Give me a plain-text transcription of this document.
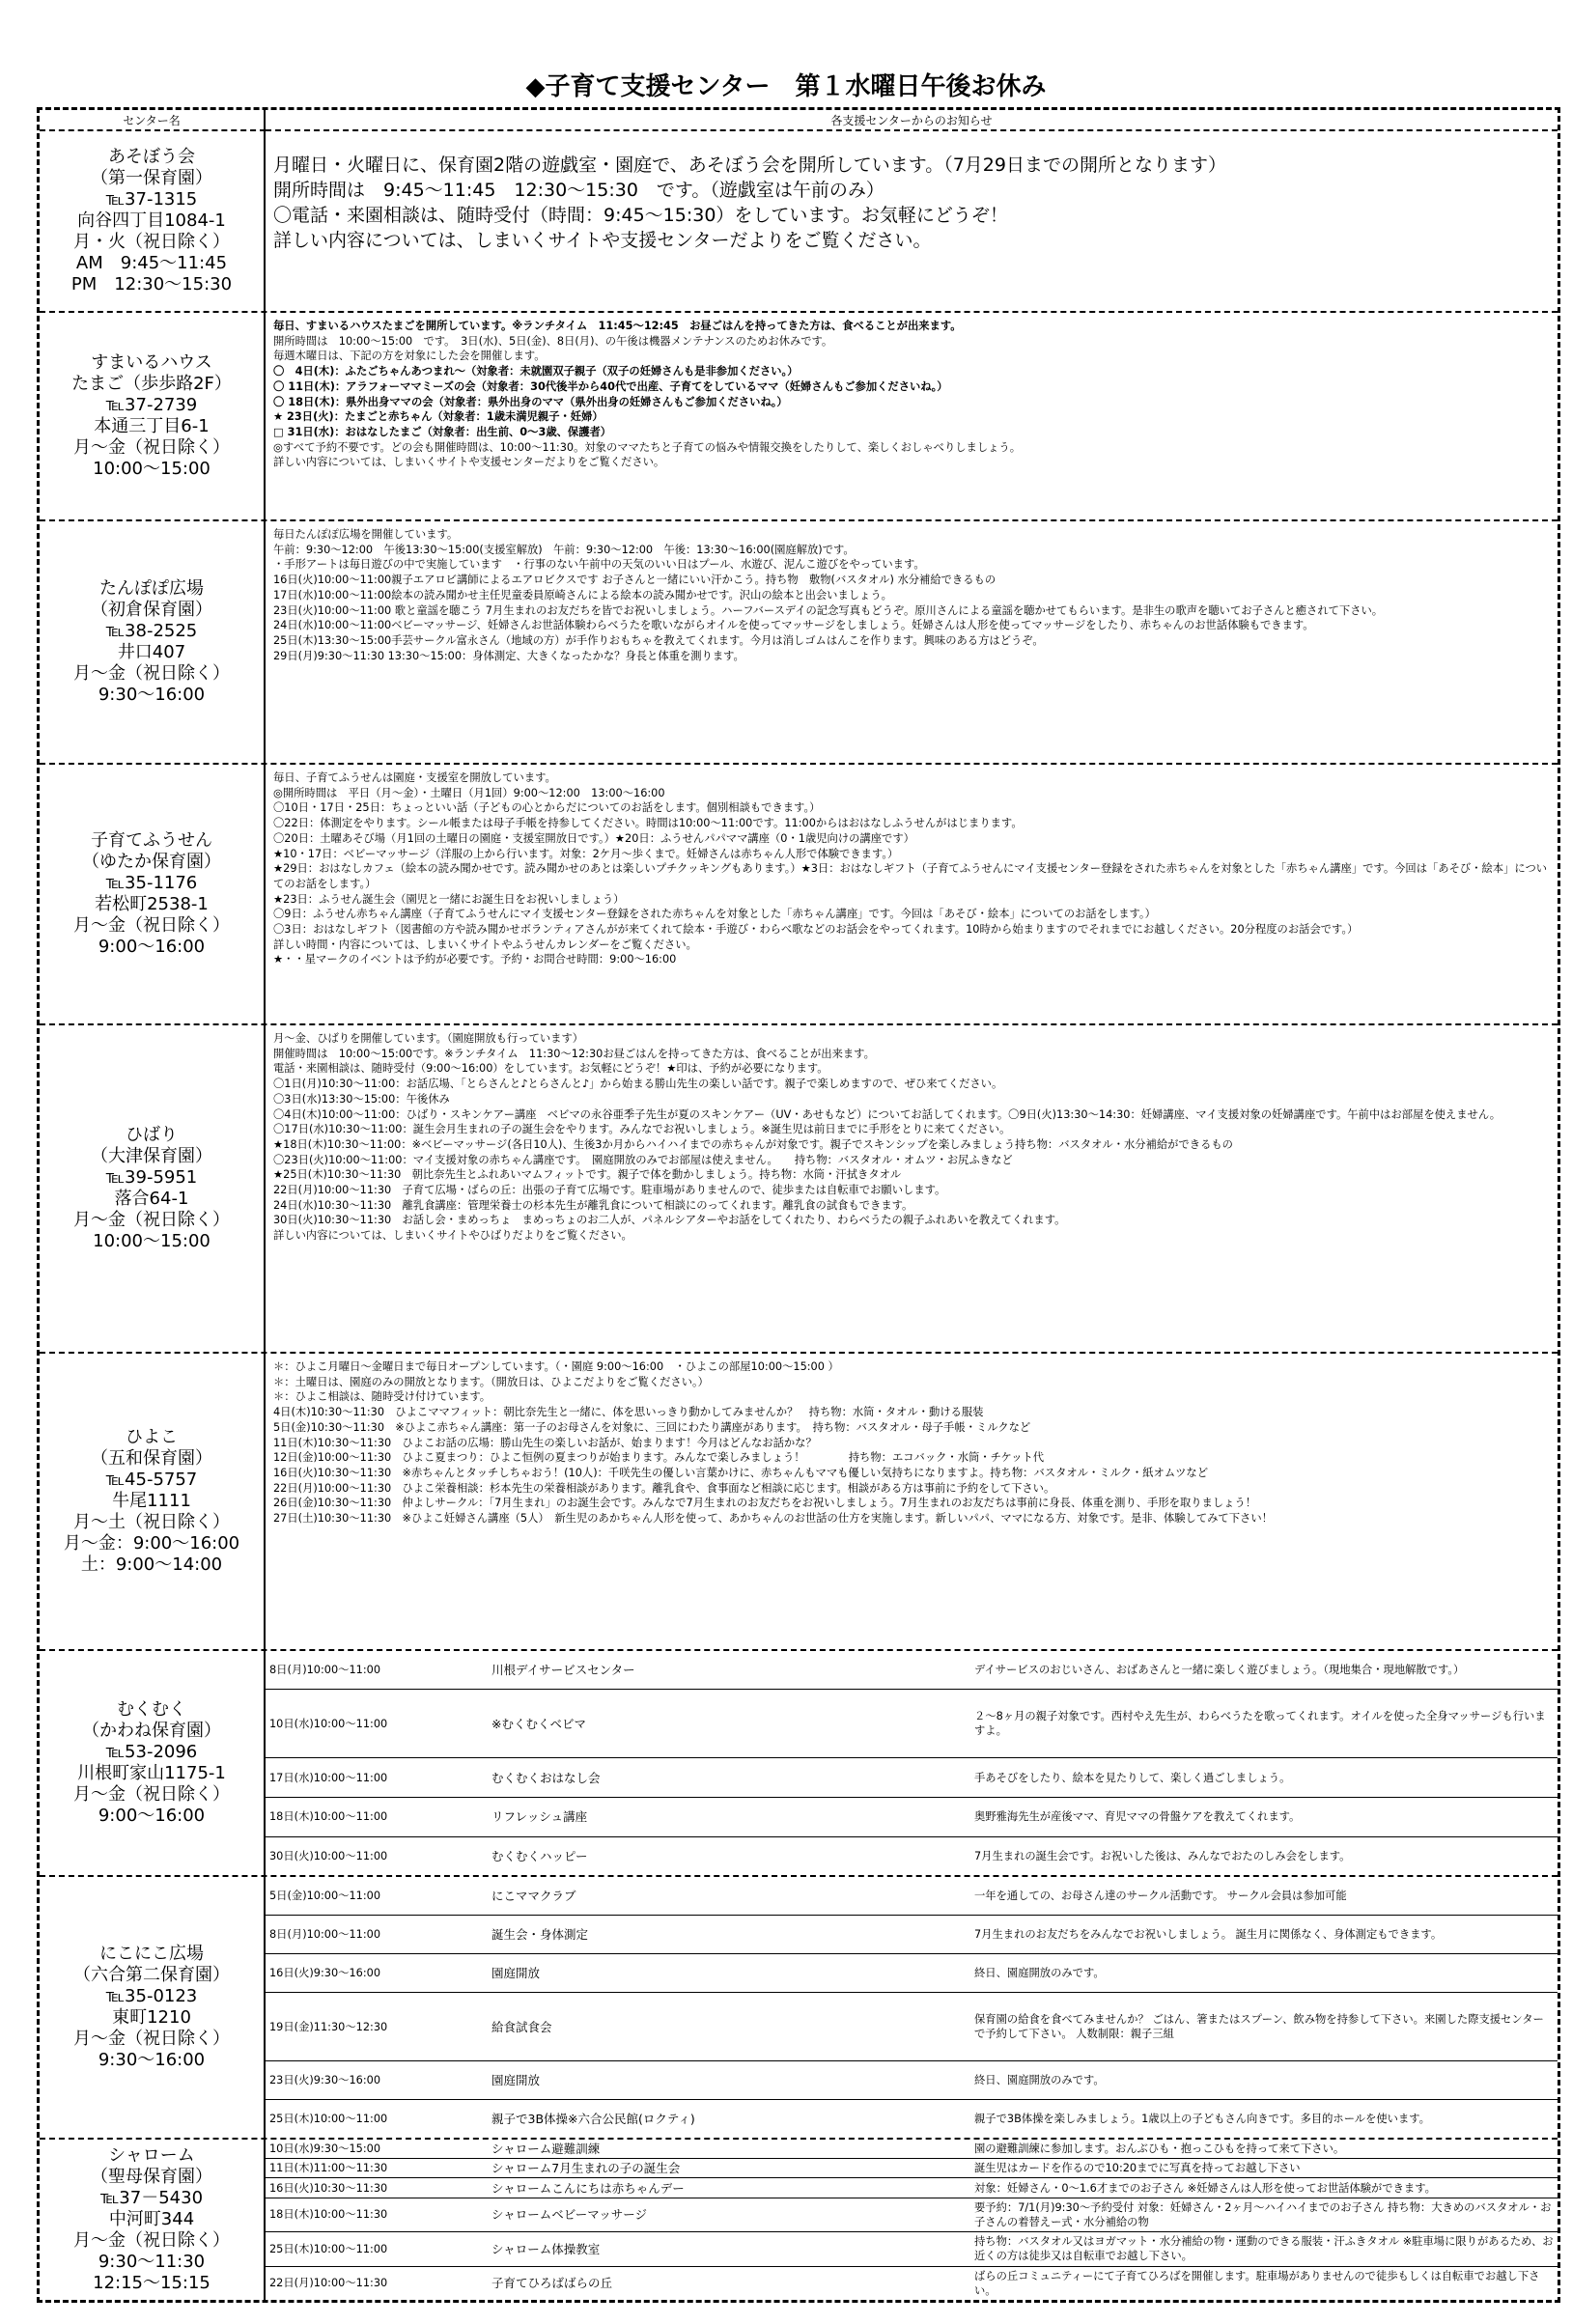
◆子育て支援センター　第１水曜日午後お休み
センター名	各支援センターからのお知らせ
あそぼう会
（第一保育園）
℡37-1315
向谷四丁目1084-1
月・火（祝日除く）
AM　9:45～11:45
PM　12:30～15:30
月曜日・火曜日に、保育園2階の遊戯室・園庭で、あそぼう会を開所しています。（7月29日までの開所となります）
開所時間は　9:45～11:45　12:30～15:30　です。（遊戯室は午前のみ）
〇電話・来園相談は、随時受付（時間：9:45～15:30）をしています。お気軽にどうぞ！
詳しい内容については、しまいくサイトや支援センターだよりをご覧ください。
すまいるハウス
たまご（歩歩路2F）
℡37-2739
本通三丁目6-1
月～金（祝日除く）
10:00～15:00
毎日、すまいるハウスたまごを開所しています。※ランチタイム　11:45～12:45　お昼ごはんを持ってきた方は、食べることが出来ます。
開所時間は　10:00～15:00　です。　3日(水)、5日(金)、8日(月)、の午後は機器メンテナンスのためお休みです。
毎週木曜日は、下記の方を対象にした会を開催します。
〇　4日(木)：ふたごちゃんあつまれ～（対象者：未就園双子親子（双子の妊婦さんも是非参加ください。）
〇 11日(木)：アラフォーママミーズの会（対象者：30代後半から40代で出産、子育てをしているママ（妊婦さんもご参加くださいね。）
〇 18日(木)：県外出身ママの会（対象者：県外出身のママ（県外出身の妊婦さんもご参加くださいね。）
★ 23日(火)：たまごと赤ちゃん（対象者：1歳未満児親子・妊婦）
□ 31日(水)：おはなしたまご（対象者：出生前、0～3歳、保護者）
◎すべて予約不要です。どの会も開催時間は、10:00～11:30。対象のママたちと子育ての悩みや情報交換をしたりして、楽しくおしゃべりしましょう。
詳しい内容については、しまいくサイトや支援センターだよりをご覧ください。
たんぽぽ広場
（初倉保育園）
℡38-2525
井口407
月～金（祝日除く）
9:30～16:00
毎日たんぽぽ広場を開催しています。
午前：9:30～12:00　午後13:30～15:00(支援室解放)　午前：9:30～12:00　午後：13:30～16:00(園庭解放)です。
・手形アートは毎日遊びの中で実施しています　・行事のない午前中の天気のいい日はプール、水遊び、泥んこ遊びをやっています。
16日(火)10:00～11:00親子エアロビ講師によるエアロビクスです お子さんと一緒にいい汗かこう。持ち物　敷物(バスタオル) 水分補給できるもの
17日(水)10:00～11:00絵本の読み聞かせ主任児童委員原崎さんによる絵本の読み聞かせです。沢山の絵本と出会いましょう。
23日(火)10:00～11:00 歌と童謡を聴こう 7月生まれのお友だちを皆でお祝いしましょう。ハーフバースデイの記念写真もどうぞ。原川さんによる童謡を聴かせてもらいます。是非生の歌声を聴いてお子さんと癒されて下さい。
24日(水)10:00～11:00ベビーマッサージ、妊婦さんお世話体験わらべうたを歌いながらオイルを使ってマッサージをしましょう。妊婦さんは人形を使ってマッサージをしたり、赤ちゃんのお世話体験もできます。
25日(木)13:30～15:00手芸サークル富永さん（地域の方）が手作りおもちゃを教えてくれます。今月は消しゴムはんこを作ります。興味のある方はどうぞ。
29日(月)9:30～11:30 13:30～15:00：身体測定、大きくなったかな？身長と体重を測ります。
子育てふうせん
（ゆたか保育園）
℡35-1176
若松町2538-1
月～金（祝日除く）
9:00～16:00
毎日、子育てふうせんは園庭・支援室を開放しています。
◎開所時間は　平日（月～金）・土曜日（月1回）9:00～12:00　13:00～16:00
〇10日・17日・25日：ちょっといい話（子どもの心とからだについてのお話をします。個別相談もできます。）
〇22日：体測定をやります。シール帳または母子手帳を持参してください。時間は10:00～11:00です。11:00からはおはなしふうせんがはじまります。
〇20日：土曜あそび場（月1回の土曜日の園庭・支援室開放日です。）★20日：ふうせんパパママ講座（0・1歳児向けの講座です）
★10・17日：ベビーマッサージ（洋服の上から行います。対象：2ケ月～歩くまで。妊婦さんは赤ちゃん人形で体験できます。）
★29日：おはなしカフェ（絵本の読み聞かせです。読み聞かせのあとは楽しいプチクッキングもあります。）★3日：おはなしギフト（子育てふうせんにマイ支援センター登録をされた赤ちゃんを対象とした「赤ちゃん講座」です。今回は「あそび・絵本」についてのお話をします。）
★23日：ふうせん誕生会（園児と一緒にお誕生日をお祝いしましょう）
〇9日：ふうせん赤ちゃん講座（子育てふうせんにマイ支援センター登録をされた赤ちゃんを対象とした「赤ちゃん講座」です。今回は「あそび・絵本」についてのお話をします。）
〇3日：おはなしギフト（図書館の方や読み聞かせボランティアさんがが来てくれて絵本・手遊び・わらべ歌などのお話会をやってくれます。10時から始まりますのでそれまでにお越しください。20分程度のお話会です。）
詳しい時間・内容については、しまいくサイトやふうせんカレンダーをご覧ください。
★・・星マークのイベントは予約が必要です。予約・お問合せ時間：9:00～16:00
ひばり
（大津保育園）
℡39-5951
落合64-1
月～金（祝日除く）
10:00～15:00
月～金、ひばりを開催しています。（園庭開放も行っています）
開催時間は　10:00～15:00です。※ランチタイム　11:30～12:30お昼ごはんを持ってきた方は、食べることが出来ます。
電話・来園相談は、随時受付（9:00～16:00）をしています。お気軽にどうぞ！★印は、予約が必要になります。
〇1日(月)10:30～11:00：お話広場、「とらさんと♪とらさんと♪」から始まる勝山先生の楽しい話です。親子で楽しめますので、ぜひ来てください。
〇3日(水)13:30～15:00：午後休み
〇4日(木)10:00～11:00：ひばり・スキンケアー講座　ベビマの永谷亜季子先生が夏のスキンケアー（UV・あせもなど）についてお話してくれます。〇9日(火)13:30～14:30：妊婦講座、マイ支援対象の妊婦講座です。午前中はお部屋を使えません。
〇17日(水)10:30～11:00：誕生会月生まれの子の誕生会をやります。みんなでお祝いしましょう。※誕生児は前日までに手形をとりに来てください。
★18日(木)10:30～11:00：※ベビーマッサージ(各日10人)、生後3か月からハイハイまでの赤ちゃんが対象です。親子でスキンシップを楽しみましょう持ち物：バスタオル・水分補給ができるもの
〇23日(火)10:00～11:00：マイ支援対象の赤ちゃん講座です。　園庭開放のみでお部屋は使えません。　　持ち物：バスタオル・オムツ・お尻ふきなど
★25日(木)10:30～11:30　朝比奈先生とふれあいマムフィットです。親子で体を動かしましょう。持ち物：水筒・汗拭きタオル
22日(月)10:00～11:30　子育て広場・ばらの丘：出張の子育て広場です。駐車場がありませんので、徒歩または自転車でお願いします。
24日(水)10:30～11:30　離乳食講座：管理栄養士の杉本先生が離乳食について相談にのってくれます。離乳食の試食もできます。
30日(火)10:30～11:30　お話し会・まめっちょ　まめっちょのお二人が、パネルシアターやお話をしてくれたり、わらべうたの親子ふれあいを教えてくれます。
詳しい内容については、しまいくサイトやひばりだよりをご覧ください。
ひよこ
（五和保育園）
℡45-5757
牛尾1111
月～土（祝日除く）
月～金：9:00～16:00
土：9:00～14:00
＊：ひよこ月曜日～金曜日まで毎日オープンしています。（・園庭 9:00～16:00　・ひよこの部屋10:00～15:00 ）
＊：土曜日は、園庭のみの開放となります。（開放日は、ひよこだよりをご覧ください。）
＊：ひよこ相談は、随時受け付けています。
4日(木)10:30～11:30　ひよこママフィット：朝比奈先生と一緒に、体を思いっきり動かしてみませんか？　持ち物：水筒・タオル・動ける服装
5日(金)10:30～11:30　※ひよこ赤ちゃん講座：第一子のお母さんを対象に、三回にわたり講座があります。　持ち物：バスタオル・母子手帳・ミルクなど
11日(木)10:30～11:30　ひよこお話の広場：勝山先生の楽しいお話が、始まります！今月はどんなお話かな？
12日(金)10:00～11:30　ひよこ夏まつり：ひよこ恒例の夏まつりが始まります。みんなで楽しみましょう！　　　　持ち物：エコバック・水筒・チケット代
16日(火)10:30～11:30　※赤ちゃんとタッチしちゃおう！(10人)：千咲先生の優しい言葉かけに、赤ちゃんもママも優しい気持ちになりますよ。持ち物：バスタオル・ミルク・紙オムツなど
22日(月)10:00～11:30　ひよこ栄養相談：杉本先生の栄養相談があります。離乳食や、食事面など相談に応じます。相談がある方は事前に予約をして下さい。
26日(金)10:30～11:30　仲よしサークル：「7月生まれ」のお誕生会です。みんなで7月生まれのお友だちをお祝いしましょう。7月生まれのお友だちは事前に身長、体重を測り、手形を取りましょう！
27日(土)10:30～11:30　※ひよこ妊婦さん講座（5人）　新生児のあかちゃん人形を使って、あかちゃんのお世話の仕方を実施します。新しいパパ、ママになる方、対象です。是非、体験してみて下さい！
むくむく
（かわね保育園）
℡53-2096
川根町家山1175-1
月～金（祝日除く）
9:00～16:00
8日(月)10:00～11:00	川根デイサービスセンター	デイサービスのおじいさん、おばあさんと一緒に楽しく遊びましょう。（現地集合・現地解散です。）
10日(水)10:00～11:00	※むくむくベビマ	２～8ヶ月の親子対象です。西村やえ先生が、わらべうたを歌ってくれます。オイルを使った全身マッサージも行いますよ。
17日(水)10:00～11:00	むくむくおはなし会	手あそびをしたり、絵本を見たりして、楽しく過ごしましょう。
18日(木)10:00～11:00	リフレッシュ講座	奥野雅海先生が産後ママ、育児ママの骨盤ケアを教えてくれます。
30日(火)10:00～11:00	むくむくハッピー	7月生まれの誕生会です。お祝いした後は、みんなでおたのしみ会をします。
にこにこ広場
（六合第二保育園）
℡35-0123
東町1210
月～金（祝日除く）
9:30～16:00
5日(金)10:00～11:00	にこママクラブ	一年を通しての、お母さん達のサークル活動です。 サークル会員は参加可能
8日(月)10:00～11:00	誕生会・身体測定	7月生まれのお友だちをみんなでお祝いしましょう。 誕生月に関係なく、身体測定もできます。
16日(火)9:30～16:00	園庭開放	終日、園庭開放のみです。
19日(金)11:30～12:30	給食試食会	保育園の給食を食べてみませんか？ ごはん、箸またはスプーン、飲み物を持参して下さい。来園した際支援センターで予約して下さい。 人数制限：親子三組
23日(火)9:30～16:00	園庭開放	終日、園庭開放のみです。
25日(木)10:00～11:00	親子で3B体操※六合公民館(ロクティ)	親子で3B体操を楽しみましょう。1歳以上の子どもさん向きです。多目的ホールを使います。
シャローム
（聖母保育園）
℡37－5430
中河町344
月～金（祝日除く）
9:30～11:30
12:15～15:15
10日(水)9:30～15:00	シャローム避難訓練	園の避難訓練に参加します。おんぶひも・抱っこひもを持って来て下さい。
11日(木)11:00～11:30	シャローム7月生まれの子の誕生会	誕生児はカードを作るので10:20までに写真を持ってお越し下さい
16日(火)10:30～11:30	シャロームこんにちは赤ちゃんデー	対象：妊婦さん・0～1.6才までのお子さん ※妊婦さんは人形を使ってお世話体験ができます。
18日(木)10:00～11:30	シャロームベビーマッサージ	要予約：7/1(月)9:30～予約受付 対象：妊婦さん・2ヶ月～ハイハイまでのお子さん 持ち物：大きめのバスタオル・お子さんの着替えー式・水分補給の物
25日(木)10:00～11:00	シャローム体操教室	持ち物：バスタオル又はヨガマット・水分補給の物・運動のできる服装・汗ふきタオル ※駐車場に限りがあるため、お近くの方は徒歩又は自転車でお越し下さい。
22日(月)10:00～11:30	子育てひろばばらの丘	ばらの丘コミュニティーにて子育てひろばを開催します。駐車場がありませんので徒歩もしくは自転車でお越し下さい。
